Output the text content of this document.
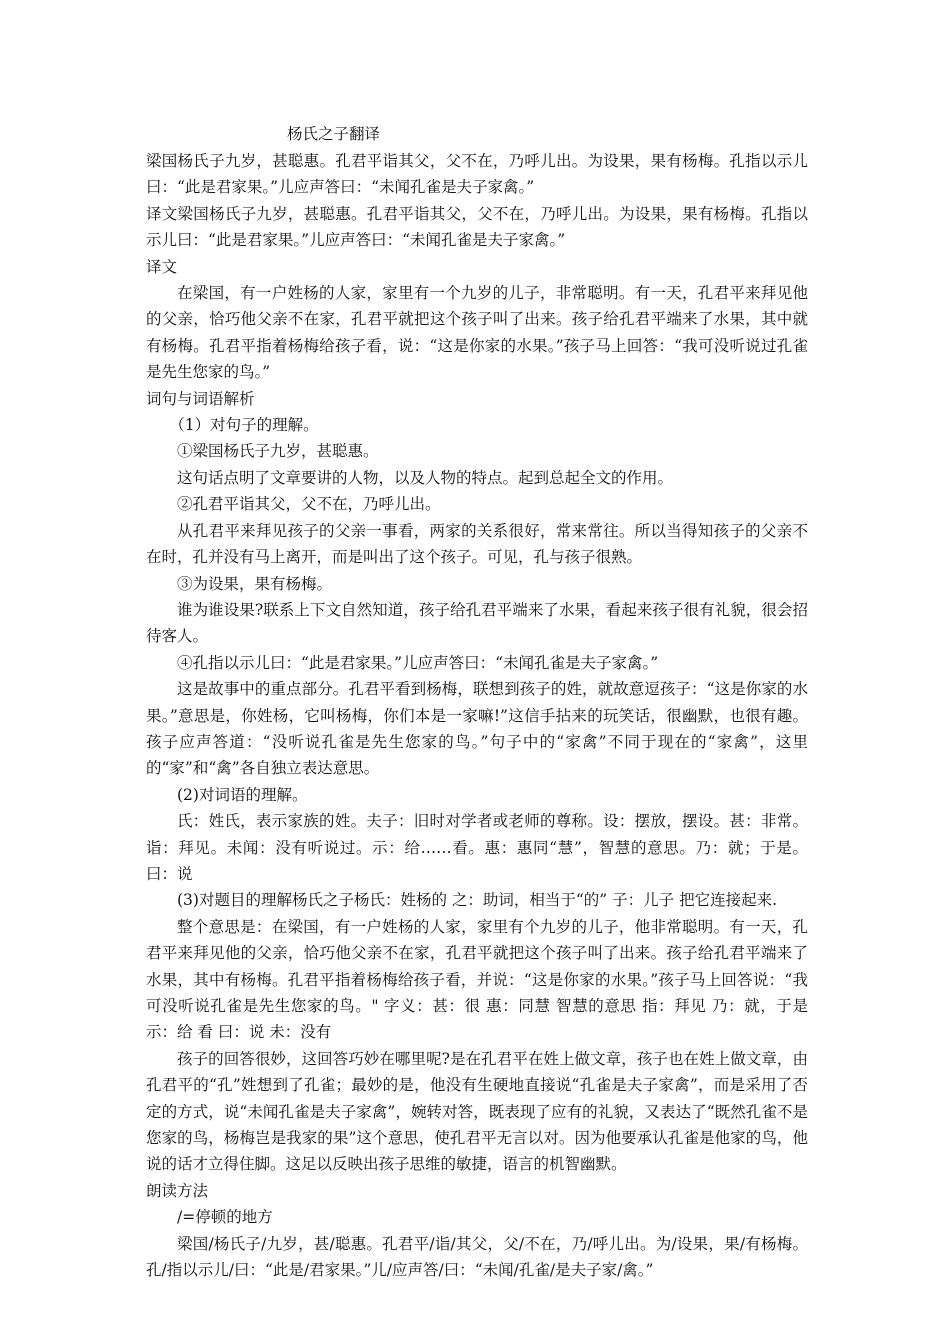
杨氏之子翻译

梁国杨氏子九岁，甚聪惠。孔君平诣其父，父不在，乃呼儿出。为设果，果有杨梅。孔指以示儿曰：“此是君家果。”儿应声答曰：“未闻孔雀是夫子家禽。”

译文梁国杨氏子九岁，甚聪惠。孔君平诣其父，父不在，乃呼儿出。为设果，果有杨梅。孔指以示儿曰：“此是君家果。”儿应声答曰：“未闻孔雀是夫子家禽。”

译文

在梁国，有一户姓杨的人家，家里有一个九岁的儿子，非常聪明。有一天，孔君平来拜见他的父亲，恰巧他父亲不在家，孔君平就把这个孩子叫了出来。孩子给孔君平端来了水果，其中就有杨梅。孔君平指着杨梅给孩子看，说：“这是你家的水果。”孩子马上回答：“我可没听说过孔雀是先生您家的鸟。”

词句与词语解析

（1）对句子的理解。

①梁国杨氏子九岁，甚聪惠。

这句话点明了文章要讲的人物，以及人物的特点。起到总起全文的作用。

②孔君平诣其父，父不在，乃呼儿出。

从孔君平来拜见孩子的父亲一事看，两家的关系很好，常来常往。所以当得知孩子的父亲不在时，孔并没有马上离开，而是叫出了这个孩子。可见，孔与孩子很熟。

③为设果，果有杨梅。

谁为谁设果?联系上下文自然知道，孩子给孔君平端来了水果，看起来孩子很有礼貌，很会招待客人。

④孔指以示儿曰：“此是君家果。”儿应声答曰：“未闻孔雀是夫子家禽。”

这是故事中的重点部分。孔君平看到杨梅，联想到孩子的姓，就故意逗孩子：“这是你家的水果。”意思是，你姓杨，它叫杨梅，你们本是一家嘛!”这信手拈来的玩笑话，很幽默，也很有趣。孩子应声答道：“没听说孔雀是先生您家的鸟。”句子中的“家禽”不同于现在的“家禽”，这里的“家”和“禽”各自独立表达意思。

(2)对词语的理解。

氏：姓氏，表示家族的姓。夫子：旧时对学者或老师的尊称。设：摆放，摆设。甚：非常。诣：拜见。未闻：没有听说过。示：给……看。惠：惠同“慧”，智慧的意思。乃：就；于是。曰：说

(3)对题目的理解杨氏之子杨氏：姓杨的 之：助词，相当于“的” 子：儿子 把它连接起来.

整个意思是：在梁国，有一户姓杨的人家，家里有个九岁的儿子，他非常聪明。有一天，孔君平来拜见他的父亲，恰巧他父亲不在家，孔君平就把这个孩子叫了出来。孩子给孔君平端来了水果，其中有杨梅。孔君平指着杨梅给孩子看，并说：“这是你家的水果。”孩子马上回答说：“我可没听说孔雀是先生您家的鸟。" 字义：甚：很 惠：同慧 智慧的意思 指：拜见 乃：就，于是 示：给 看 曰：说 未：没有

孩子的回答很妙，这回答巧妙在哪里呢?是在孔君平在姓上做文章，孩子也在姓上做文章，由孔君平的“孔”姓想到了孔雀；最妙的是，他没有生硬地直接说“孔雀是夫子家禽”，而是采用了否定的方式，说“未闻孔雀是夫子家禽”，婉转对答，既表现了应有的礼貌，又表达了“既然孔雀不是您家的鸟，杨梅岂是我家的果”这个意思，使孔君平无言以对。因为他要承认孔雀是他家的鸟，他说的话才立得住脚。这足以反映出孩子思维的敏捷，语言的机智幽默。

朗读方法

/=停顿的地方

梁国/杨氏子/九岁，甚/聪惠。孔君平/诣/其父，父/不在，乃/呼儿出。为/设果，果/有杨梅。孔/指以示儿/曰：“此是/君家果。”儿/应声答/曰：“未闻/孔雀/是夫子家/禽。”
